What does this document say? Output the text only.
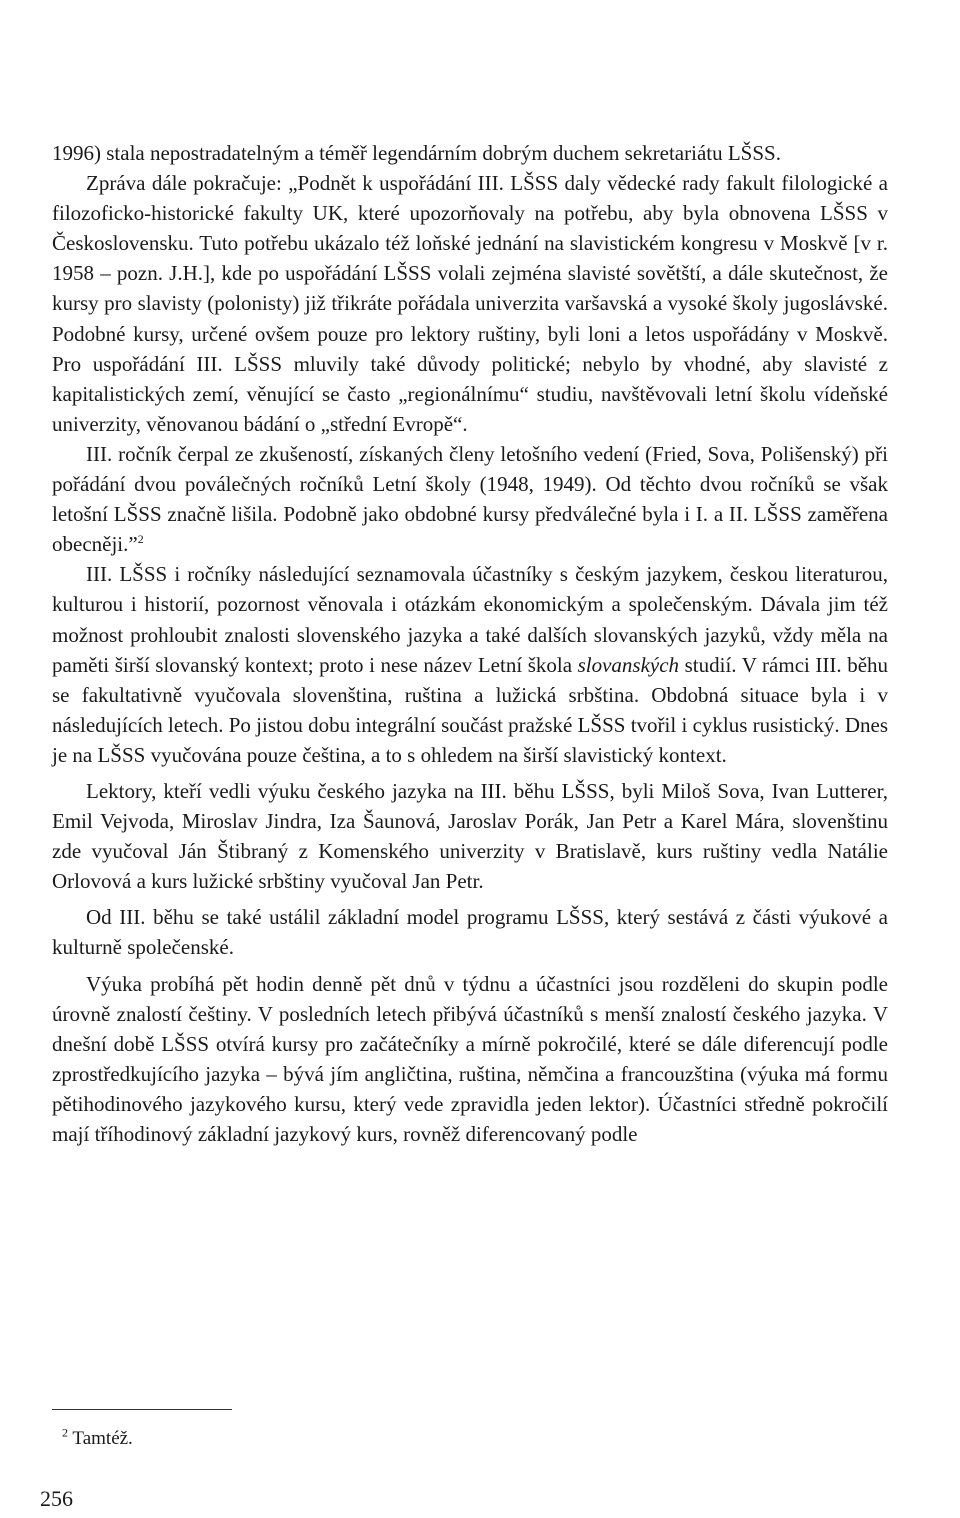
1996) stala nepostradatelným a téměř legendárním dobrým duchem sekretariátu LŠSS.

Zpráva dále pokračuje: „Podnět k uspořádání III. LŠSS daly vědecké rady fakult filologické a filozoficko-historické fakulty UK, které upozorňovaly na potřebu, aby byla obnovena LŠSS v Československu. Tuto potřebu ukázalo též loňské jednání na slavistickém kongresu v Moskvě [v r. 1958 – pozn. J.H.], kde po uspořádání LŠSS volali zejména slavisté sovětští, a dále skutečnost, že kursy pro slavisty (polonisty) již třikráte pořádala univerzita varšavská a vysoké školy jugoslávské. Podobné kursy, určené ovšem pouze pro lektory ruštiny, byli loni a letos uspořádány v Moskvě. Pro uspořádání III. LŠSS mluvily také důvody politické; nebylo by vhodné, aby slavisté z kapitalistických zemí, věnující se často „regionálnímu“ studiu, navštěvovali letní školu vídeňské univerzity, věnovanou bádání o „střední Evropě“.

III. ročník čerpal ze zkušeností, získaných členy letošního vedení (Fried, Sova, Polišenský) při pořádání dvou poválečných ročníků Letní školy (1948, 1949). Od těchto dvou ročníků se však letošní LŠSS značně lišila. Podobně jako obdobné kursy předválečné byla i I. a II. LŠSS zaměřena obecněji.”$^2$

III. LŠSS i ročníky následující seznamovala účastníky s českým jazykem, českou literaturou, kulturou i historií, pozornost věnovala i otázkám ekonomickým a společenským. Dávala jim též možnost prohloubit znalosti slovenského jazyka a také dalších slovanských jazyků, vždy měla na paměti širší slovanský kontext; proto i nese název Letní škola slovanských studií. V rámci III. běhu se fakultativně vyučovala slovenština, ruština a lužická srbština. Obdobná situace byla i v následujících letech. Po jistou dobu integrální součást pražské LŠSS tvořil i cyklus rusistický. Dnes je na LŠSS vyučována pouze čeština, a to s ohledem na širší slavistický kontext.

Lektory, kteří vedli výuku českého jazyka na III. běhu LŠSS, byli Miloš Sova, Ivan Lutterer, Emil Vejvoda, Miroslav Jindra, Iza Šaunová, Jaroslav Porák, Jan Petr a Karel Mára, slovenštinu zde vyučoval Ján Štibraný z Komenského univerzity v Bratislavě, kurs ruštiny vedla Natálie Orlovová a kurs lužické srbštiny vyučoval Jan Petr.

Od III. běhu se také ustálil základní model programu LŠSS, který sestává z části výukové a kulturně společenské.

Výuka probíhá pět hodin denně pět dnů v týdnu a účastníci jsou rozděleni do skupin podle úrovně znalostí češtiny. V posledních letech přibývá účastníků s menší znalostí českého jazyka. V dnešní době LŠSS otvírá kursy pro začátečníky a mírně pokročilé, které se dále diferencují podle zprostředkujícího jazyka – bývá jím angličtina, ruština, němčina a francouzština (výuka má formu pětihodinového jazykového kursu, který vede zpravidla jeden lektor). Účastníci středně pokročilí mají tříhodinový základní jazykový kurs, rovněž diferencovaný podle

$^2$ Tamtéž.
256
